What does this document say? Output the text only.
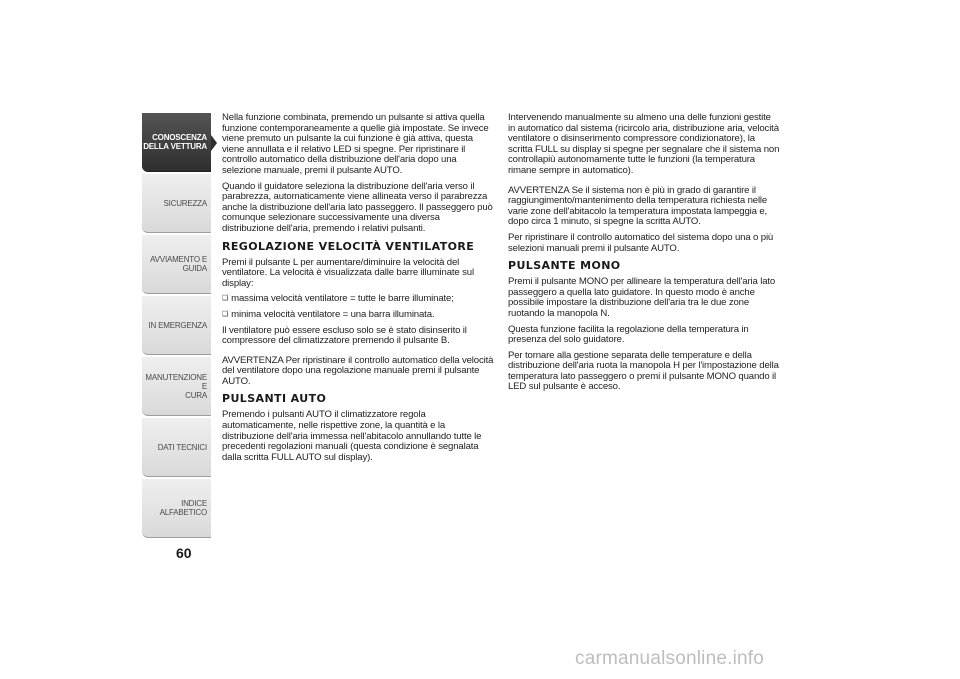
CONOSCENZA
DELLA VETTURA
SICUREZZA
AVVIAMENTO E
GUIDA
IN EMERGENZA
MANUTENZIONE E
CURA
DATI TECNICI
INDICE ALFABETICO
60

Nella funzione combinata, premendo un pulsante si attiva quella funzione contemporaneamente a quelle già impostate. Se invece viene premuto un pulsante la cui funzione è già attiva, questa viene annullata e il relativo LED si spegne. Per ripristinare il controllo automatico della distribuzione dell'aria dopo una selezione manuale, premi il pulsante AUTO.

Quando il guidatore seleziona la distribuzione dell'aria verso il parabrezza, automaticamente viene allineata verso il parabrezza anche la distribuzione dell'aria lato passeggero. Il passeggero può comunque selezionare successivamente una diversa distribuzione dell'aria, premendo i relativi pulsanti.

REGOLAZIONE VELOCITÀ VENTILATORE

Premi il pulsante L per aumentare/diminuire la velocità del ventilatore. La velocità è visualizzata dalle barre illuminate sul display:

❏ massima velocità ventilatore = tutte le barre illuminate;
❏ minima velocità ventilatore = una barra illuminata.

Il ventilatore può essere escluso solo se è stato disinserito il compressore del climatizzatore premendo il pulsante B.

AVVERTENZA Per ripristinare il controllo automatico della velocità del ventilatore dopo una regolazione manuale premi il pulsante AUTO.

PULSANTI AUTO

Premendo i pulsanti AUTO il climatizzatore regola automaticamente, nelle rispettive zone, la quantità e la distribuzione dell'aria immessa nell'abitacolo annullando tutte le precedenti regolazioni manuali (questa condizione è segnalata dalla scritta FULL AUTO sul display).

Intervenendo manualmente su almeno una delle funzioni gestite in automatico dal sistema (ricircolo aria, distribuzione aria, velocità ventilatore o disinserimento compressore condizionatore), la scritta FULL su display si spegne per segnalare che il sistema non controllapiù autonomamente tutte le funzioni (la temperatura rimane sempre in automatico).

AVVERTENZA Se il sistema non è più in grado di garantire il raggiungimento/mantenimento della temperatura richiesta nelle varie zone dell'abitacolo la temperatura impostata lampeggia e, dopo circa 1 minuto, si spegne la scritta AUTO.

Per ripristinare il controllo automatico del sistema dopo una o più selezioni manuali premi il pulsante AUTO.

PULSANTE MONO

Premi il pulsante MONO per allineare la temperatura dell'aria lato passeggero a quella lato guidatore. In questo modo è anche possibile impostare la distribuzione dell'aria tra le due zone ruotando la manopola N.

Questa funzione facilita la regolazione della temperatura in presenza del solo guidatore.

Per tornare alla gestione separata delle temperature e della distribuzione dell'aria ruota la manopola H per l'impostazione della temperatura lato passeggero o premi il pulsante MONO quando il LED sul pulsante è acceso.

carmanualsonline.info
